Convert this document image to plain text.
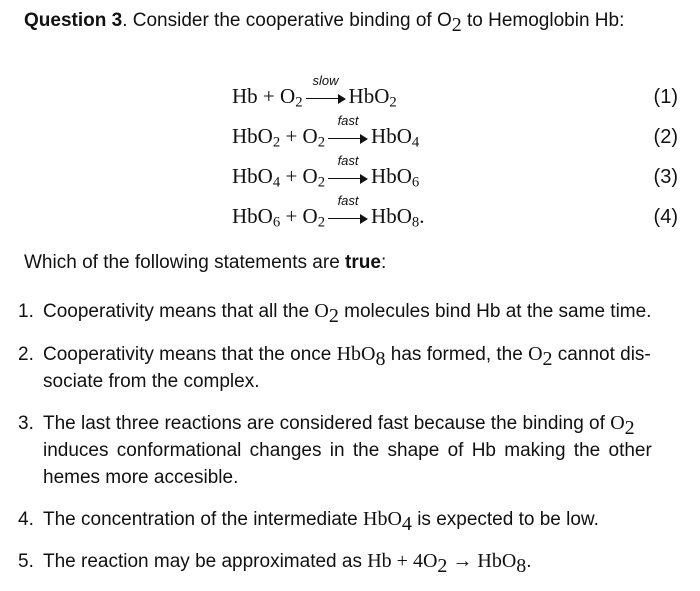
Question 3. Consider the cooperative binding of $O_2$ to Hemoglobin Hb:
$Hb + O_2$
slow
HbO$_2$	(1)
$HbO_2 + O_2$
fast
HbO$_4$	(2)
$HbO_4 + O_2$
fast
HbO$_6$	(3)
$HbO_6 + O_2$
fast
HbO$_8$.	(4)
Which of the following statements are true:
1. Cooperativity means that all the $O_2$ molecules bind Hb at the same time.
2. Cooperativity means that the once HbO$_8$ has formed, the $O_2$ cannot dis-
sociate from the complex.
3. The last three reactions are considered fast because the binding of $O_2$
induces conformational changes in the shape of Hb making the other
hemes more accesible.
4. The concentration of the intermediate HbO$_4$ is expected to be low.
5. The reaction may be approximated as $Hb + 4O_2 \to HbO_8$.
